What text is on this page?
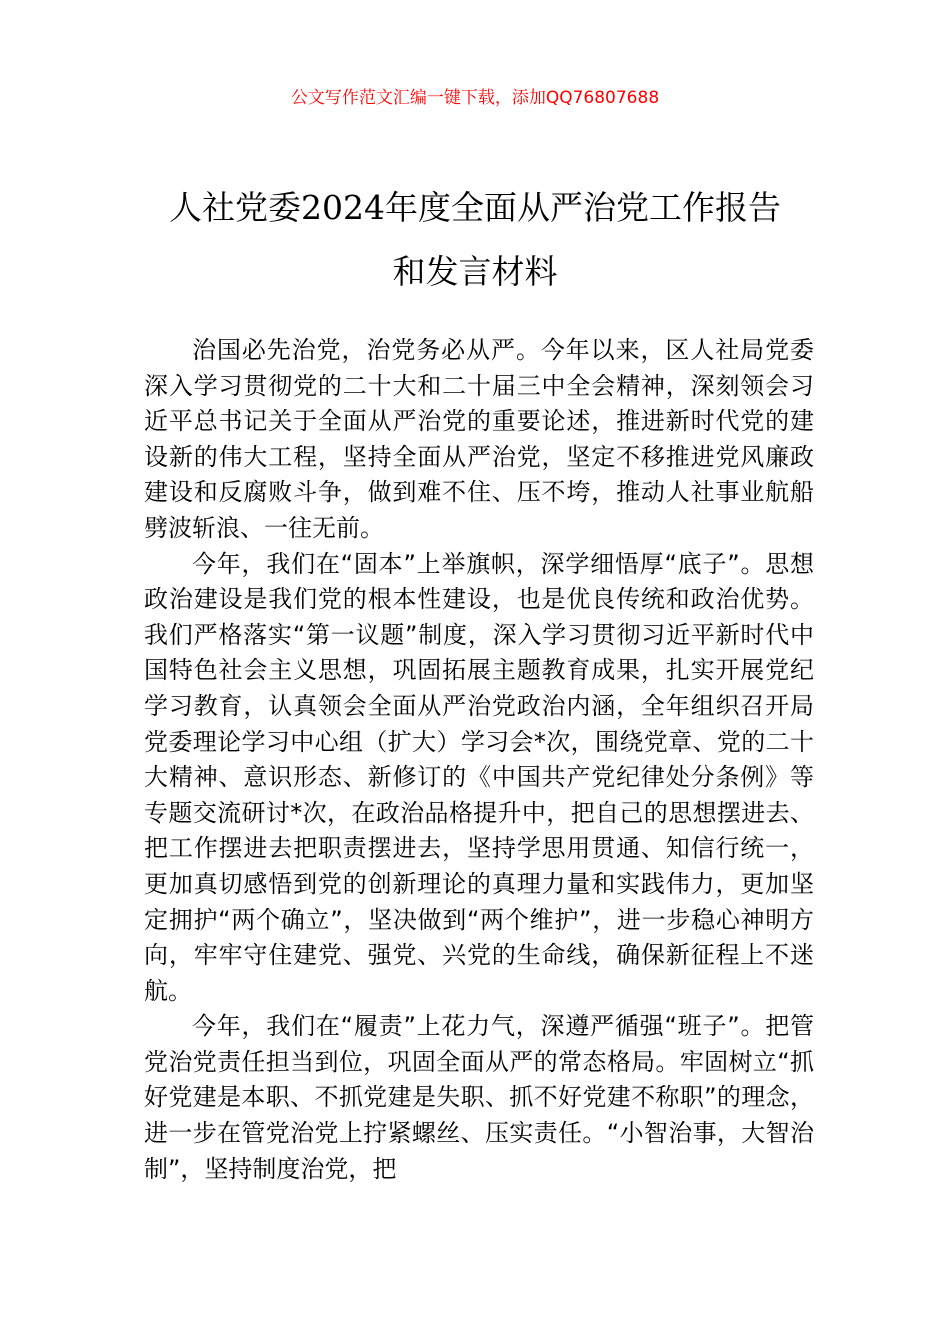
公文写作范文汇编一键下载，添加QQ76807688
人社党委2024年度全面从严治党工作报告
和发言材料

治国必先治党，治党务必从严。今年以来，区人社局党委深入学习贯彻党的二十大和二十届三中全会精神，深刻领会习近平总书记关于全面从严治党的重要论述，推进新时代党的建设新的伟大工程，坚持全面从严治党，坚定不移推进党风廉政建设和反腐败斗争，做到难不住、压不垮，推动人社事业航船劈波斩浪、一往无前。

今年，我们在“固本”上举旗帜，深学细悟厚“底子”。思想政治建设是我们党的根本性建设，也是优良传统和政治优势。我们严格落实“第一议题”制度，深入学习贯彻习近平新时代中国特色社会主义思想，巩固拓展主题教育成果，扎实开展党纪学习教育，认真领会全面从严治党政治内涵，全年组织召开局党委理论学习中心组（扩大）学习会*次，围绕党章、党的二十大精神、意识形态、新修订的《中国共产党纪律处分条例》等专题交流研讨*次，在政治品格提升中，把自己的思想摆进去、把工作摆进去把职责摆进去，坚持学思用贯通、知信行统一，更加真切感悟到党的创新理论的真理力量和实践伟力，更加坚定拥护“两个确立”，坚决做到“两个维护”，进一步稳心神明方向，牢牢守住建党、强党、兴党的生命线，确保新征程上不迷航。

今年，我们在“履责”上花力气，深遵严循强“班子”。把管党治党责任担当到位，巩固全面从严的常态格局。牢固树立“抓好党建是本职、不抓党建是失职、抓不好党建不称职”的理念，进一步在管党治党上拧紧螺丝、压实责任。“小智治事，大智治制”，坚持制度治党，把
